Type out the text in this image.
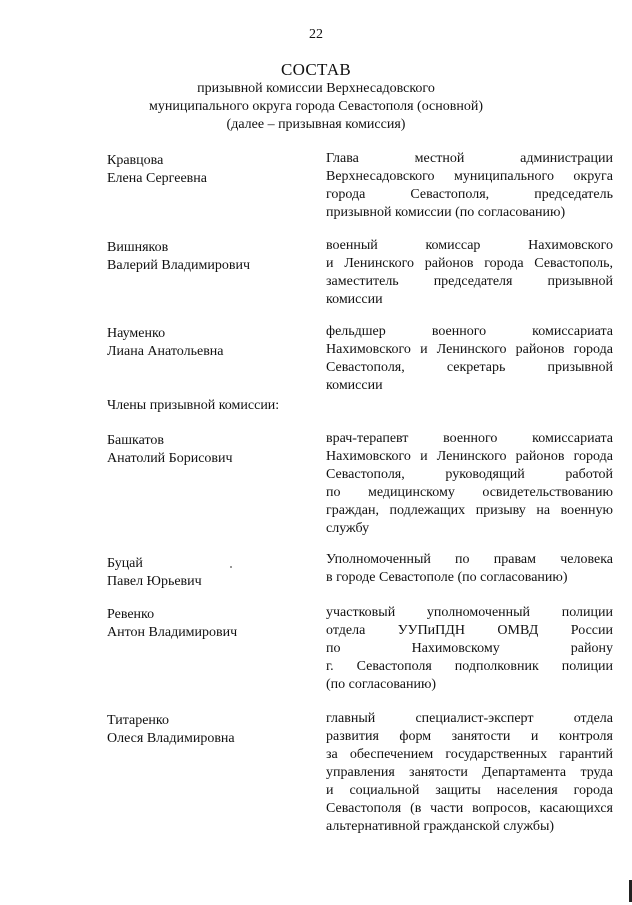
22
СОСТАВ
призывной комиссии Верхнесадовского
муниципального округа города Севастополя (основной)
(далее – призывная комиссия)
Кравцова
Елена Сергеевна
Глава местной администрации
Верхнесадовского муниципального округа
города Севастополя, председатель
призывной комиссии (по согласованию)
Вишняков
Валерий Владимирович
военный комиссар Нахимовского
и Ленинского районов города Севастополь,
заместитель председателя призывной
комиссии
Науменко
Лиана Анатольевна
фельдшер военного комиссариата
Нахимовского и Ленинского районов города
Севастополя, секретарь призывной
комиссии
Члены призывной комиссии:
Башкатов
Анатолий Борисович
врач-терапевт военного комиссариата
Нахимовского и Ленинского районов города
Севастополя, руководящий работой
по медицинскому освидетельствованию
граждан, подлежащих призыву на военную
службу
Буцай
Павел Юрьевич
Уполномоченный по правам человека
в городе Севастополе (по согласованию)
Ревенко
Антон Владимирович
участковый уполномоченный полиции
отдела УУПиПДН ОМВД России
по Нахимовскому району
г. Севастополя подполковник полиции
(по согласованию)
Титаренко
Олеся Владимировна
главный специалист-эксперт отдела
развития форм занятости и контроля
за обеспечением государственных гарантий
управления занятости Департамента труда
и социальной защиты населения города
Севастополя (в части вопросов, касающихся
альтернативной гражданской службы)
